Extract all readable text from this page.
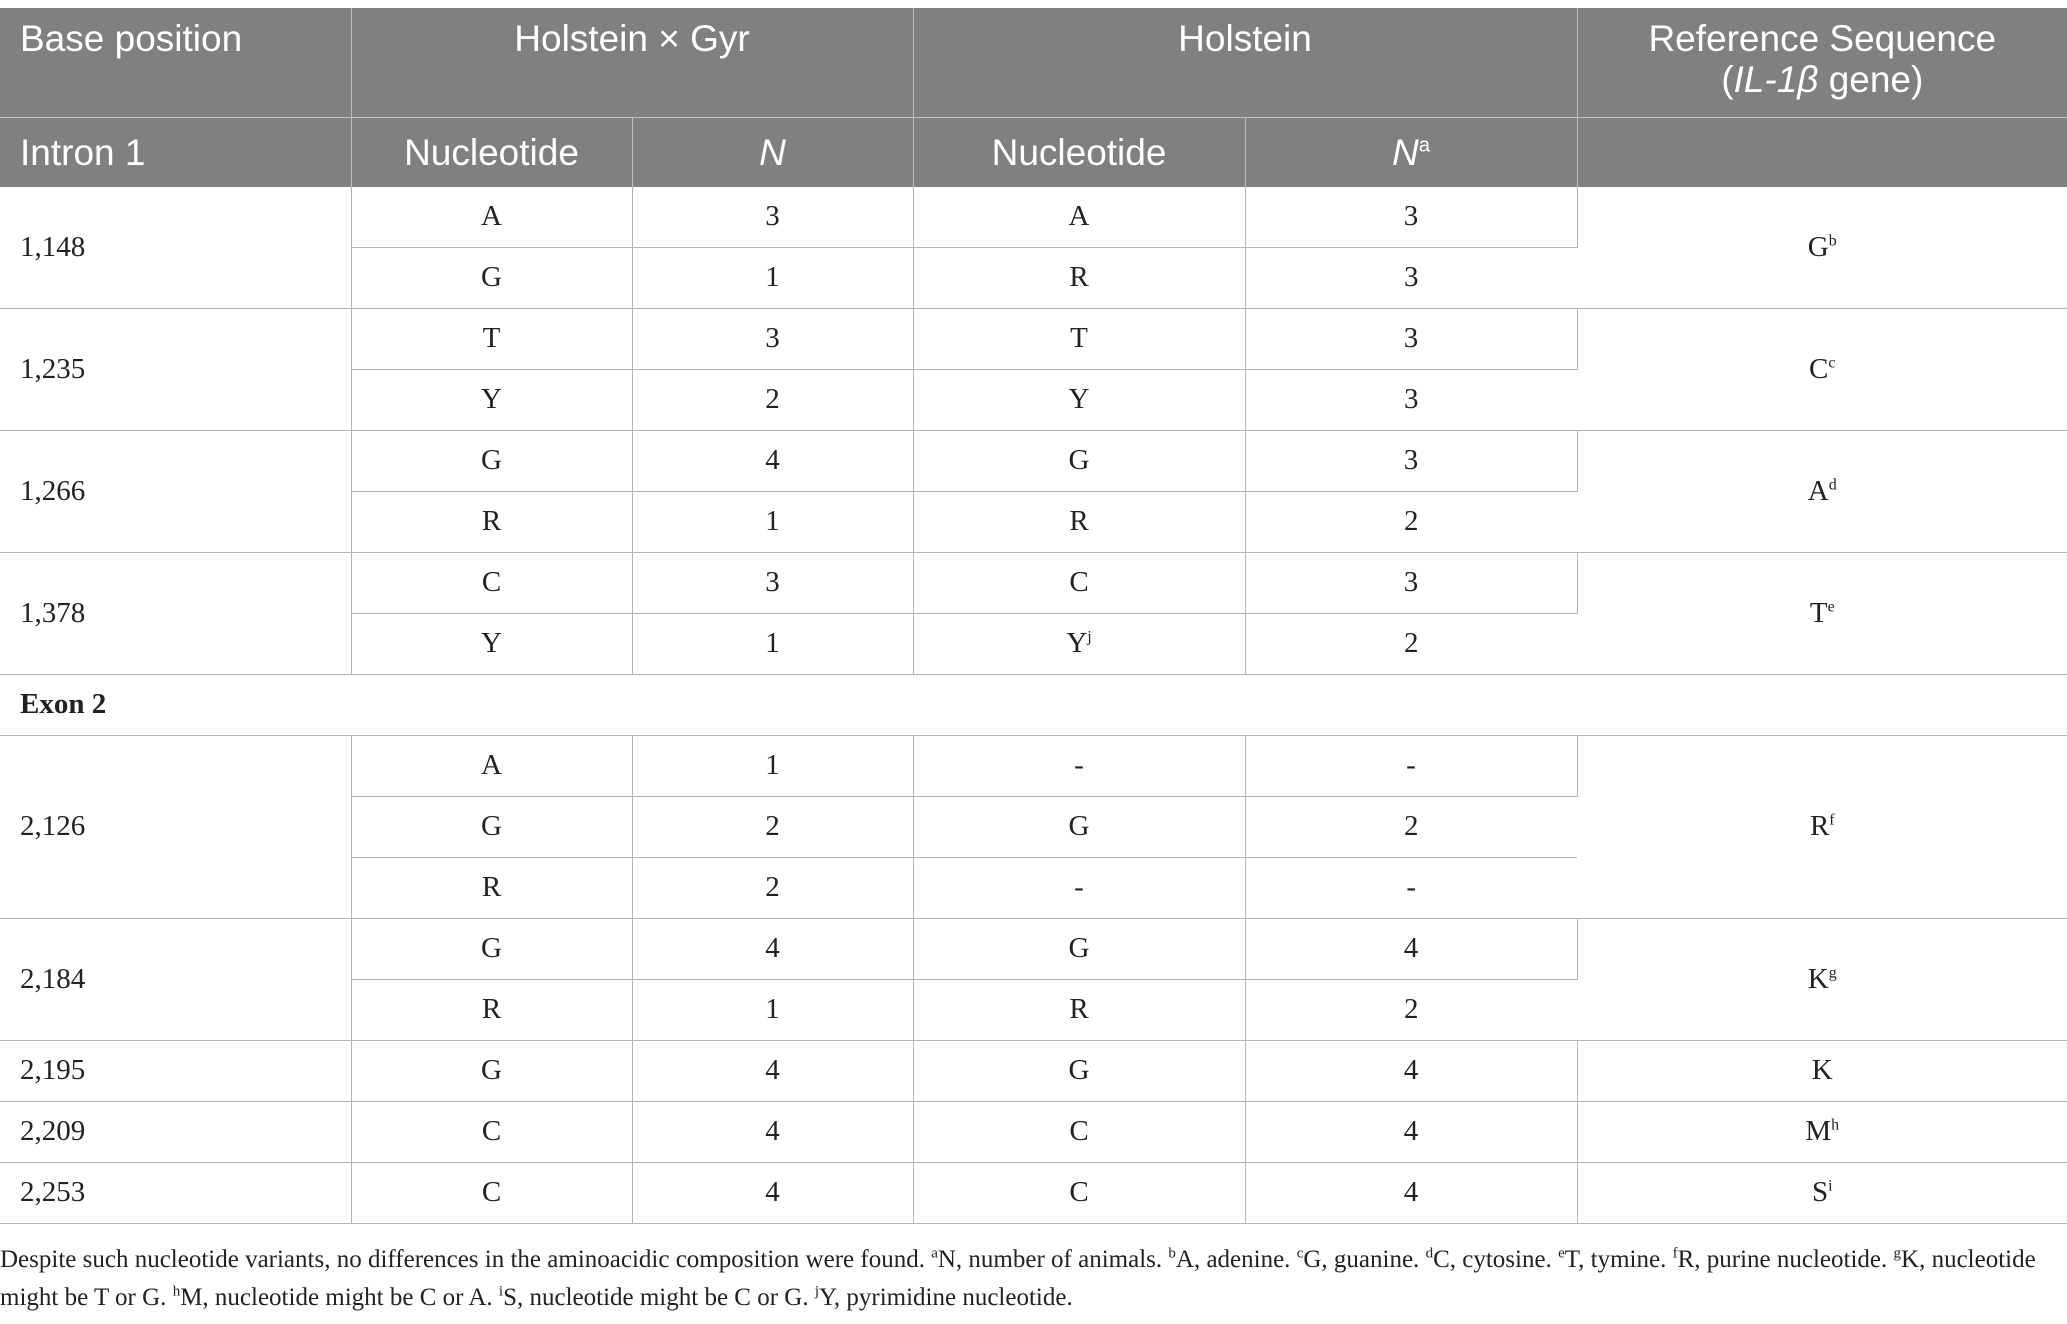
Base position	Holstein × Gyr		Holstein		Reference Sequence
(IL-1β gene)
Intron 1	Nucleotide	N	Nucleotide	$N^a$	
1,148	A	3	A	3	$G^b$
	G	1	R	3	
1,235	T	3	T	3	$C^c$
	Y	2	Y	3	
1,266	G	4	G	3	$A^d$
	R	1	R	2	
1,378	C	3	C	3	$T^e$
	Y	1	$Y^j$	2	
Exon 2					
2,126	A	1	-	-	$R^f$
	G	2	G	2	
	R	2	-	-	
2,184	G	4	G	4	$K^g$
	R	1	R	2	
2,195	G	4	G	4	K
2,209	C	4	C	4	$M^h$
2,253	C	4	C	4	$S^i$
Despite such nucleotide variants, no differences in the aminoacidic composition were found. $^a$N, number of animals. $^b$A, adenine. $^c$G, guanine. $^d$C, cytosine. $^e$T, tymine. $^f$R, purine nucleotide. $^g$K, nucleotide might be T or G. $^h$M, nucleotide might be C or A. $^i$S, nucleotide might be C or G. $^j$Y, pyrimidine nucleotide.
